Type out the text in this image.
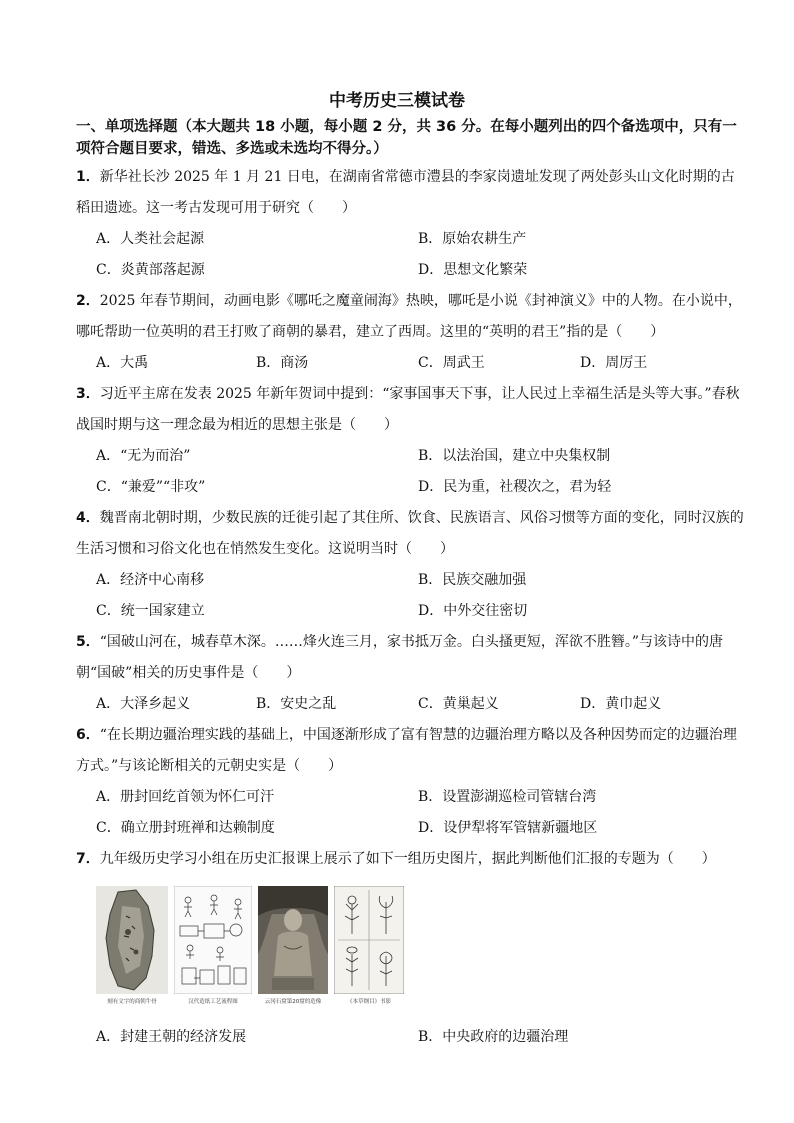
中考历史三模试卷
一、单项选择题（本大题共 18 小题，每小题 2 分，共 36 分。在每小题列出的四个备选项中，只有一项符合题目要求，错选、多选或未选均不得分。）
1．新华社长沙 2025 年 1 月 21 日电，在湖南省常德市澧县的李家岗遗址发现了两处彭头山文化时期的古稻田遗迹。这一考古发现可用于研究（　　）
A．人类社会起源	B．原始农耕生产
C．炎黄部落起源	D．思想文化繁荣
2．2025 年春节期间，动画电影《哪吒之魔童闹海》热映，哪吒是小说《封神演义》中的人物。在小说中，哪吒帮助一位英明的君王打败了商朝的暴君，建立了西周。这里的“英明的君王”指的是（　　）
A．大禹	B．商汤	C．周武王	D．周厉王
3．习近平主席在发表 2025 年新年贺词中提到：“家事国事天下事，让人民过上幸福生活是头等大事。”春秋战国时期与这一理念最为相近的思想主张是（　　）
A．“无为而治”	B．以法治国，建立中央集权制
C．“兼爱”“非攻”	D．民为重，社稷次之，君为轻
4．魏晋南北朝时期，少数民族的迁徙引起了其住所、饮食、民族语言、风俗习惯等方面的变化，同时汉族的生活习惯和习俗文化也在悄然发生变化。这说明当时（　　）
A．经济中心南移	B．民族交融加强
C．统一国家建立	D．中外交往密切
5．“国破山河在，城春草木深。……烽火连三月，家书抵万金。白头搔更短，浑欲不胜簪。”与该诗中的唐朝“国破”相关的历史事件是（　　）
A．大泽乡起义	B．安史之乱	C．黄巢起义	D．黄巾起义
6．“在长期边疆治理实践的基础上，中国逐渐形成了富有智慧的边疆治理方略以及各种因势而定的边疆治理方式。”与该论断相关的元朝史实是（　　）
A．册封回纥首领为怀仁可汗	B．设置澎湖巡检司管辖台湾
C．确立册封班禅和达赖制度	D．设伊犁将军管辖新疆地区
7．九年级历史学习小组在历史汇报课上展示了如下一组历史图片，据此判断他们汇报的专题为（　　）
刻有文字的商朝牛骨	汉代造纸工艺流程图	云冈石窟第20窟的造像	《本草纲目》书影
A．封建王朝的经济发展	B．中央政府的边疆治理
